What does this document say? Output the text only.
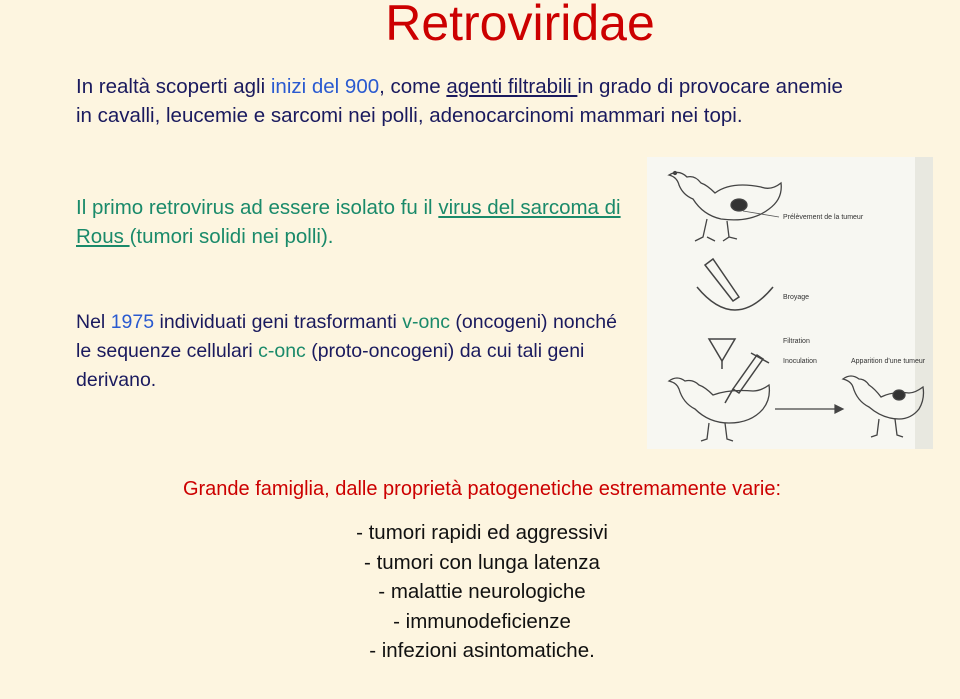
Retroviridae
In realtà scoperti agli inizi del 900, come agenti filtrabili in grado di provocare anemie in cavalli, leucemie e sarcomi nei polli, adenocarcinomi mammari nei topi.
Il primo retrovirus ad essere isolato fu il virus del sarcoma di Rous (tumori solidi nei polli).
Nel 1975 individuati geni trasformanti v-onc (oncogeni) nonché le sequenze cellulari c-onc (proto-oncogeni) da cui tali geni derivano.
Prélèvement de la tumeur
Broyage
Filtration
Inoculation	Apparition d'une tumeur
Grande famiglia, dalle proprietà patogenetiche estremamente varie:
- tumori rapidi ed aggressivi
- tumori con lunga latenza
- malattie neurologiche
- immunodeficienze
- infezioni asintomatiche.
